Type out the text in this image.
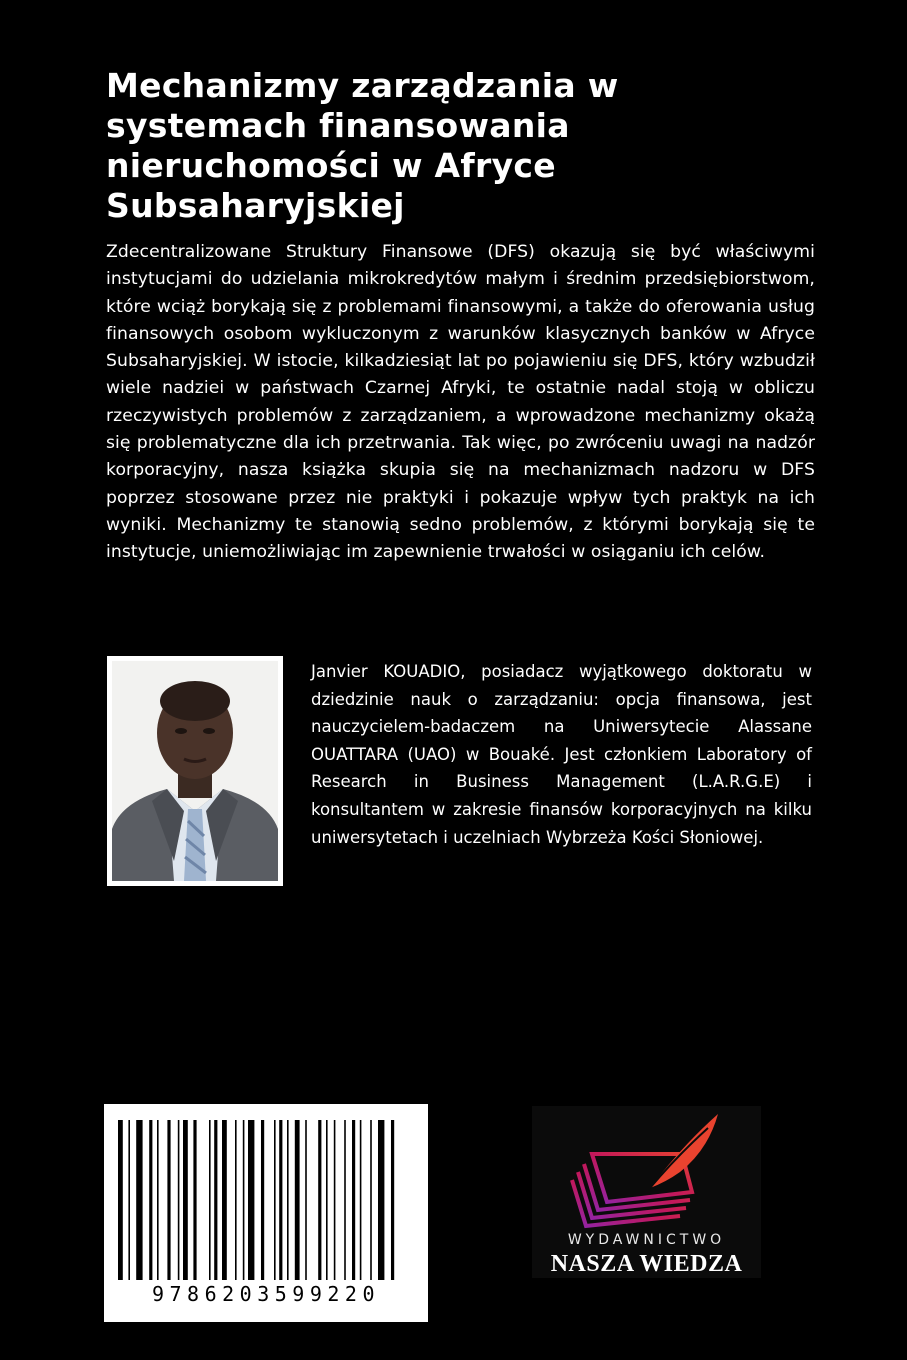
Mechanizmy zarządzania w systemach finansowania nieruchomości w Afryce Subsaharyjskiej

Zdecentralizowane Struktury Finansowe (DFS) okazują się być właściwymi instytucjami do udzielania mikrokredytów małym i średnim przedsiębiorstwom, które wciąż borykają się z problemami finansowymi, a także do oferowania usług finansowych osobom wykluczonym z warunków klasycznych banków w Afryce Subsaharyjskiej. W istocie, kilkadziesiąt lat po pojawieniu się DFS, który wzbudził wiele nadziei w państwach Czarnej Afryki, te ostatnie nadal stoją w obliczu rzeczywistych problemów z zarządzaniem, a wprowadzone mechanizmy okażą się problematyczne dla ich przetrwania. Tak więc, po zwróceniu uwagi na nadzór korporacyjny, nasza książka skupia się na mechanizmach nadzoru w DFS poprzez stosowane przez nie praktyki i pokazuje wpływ tych praktyk na ich wyniki. Mechanizmy te stanowią sedno problemów, z którymi borykają się te instytucje, uniemożliwiając im zapewnienie trwałości w osiąganiu ich celów.

Janvier KOUADIO, posiadacz wyjątkowego doktoratu w dziedzinie nauk o zarządzaniu: opcja finansowa, jest nauczycielem-badaczem na Uniwersytecie Alassane OUATTARA (UAO) w Bouaké. Jest członkiem Laboratory of Research in Business Management (L.A.R.G.E) i konsultantem w zakresie finansów korporacyjnych na kilku uniwersytetach i uczelniach Wybrzeża Kości Słoniowej.

9786203599220
WYDAWNICTWO
NASZA WIEDZA
